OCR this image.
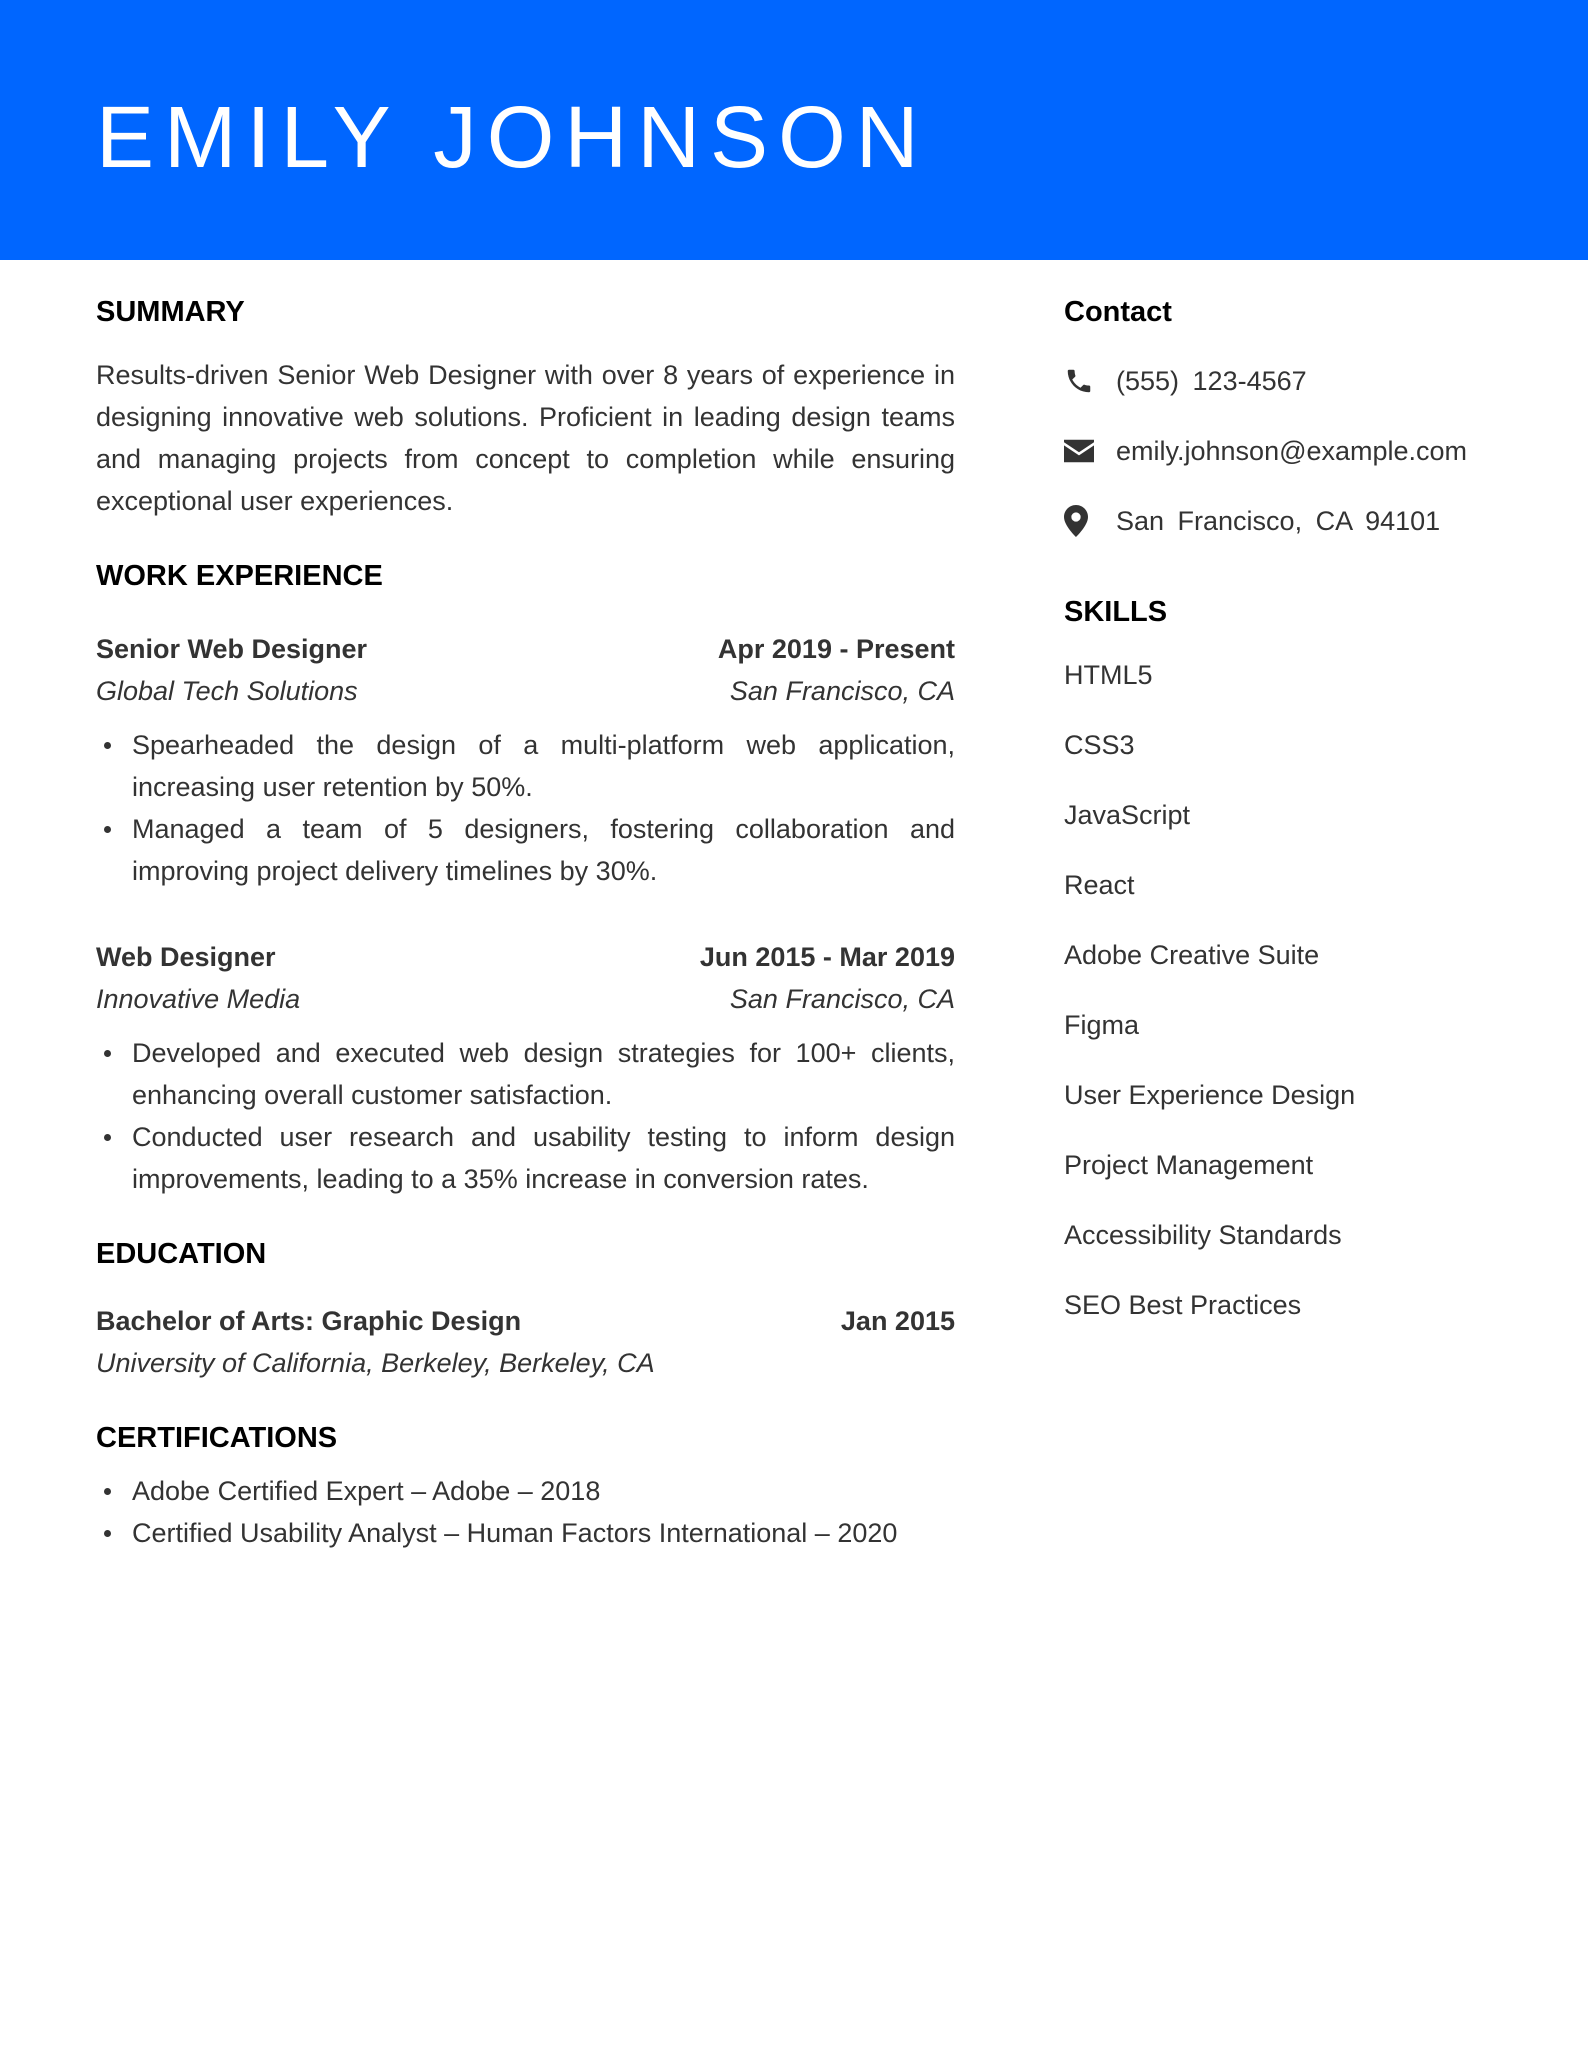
EMILY JOHNSON
SUMMARY

Results-driven Senior Web Designer with over 8 years of experience in designing innovative web solutions. Proficient in leading design teams and managing projects from concept to completion while ensuring exceptional user experiences.

WORK EXPERIENCE
Senior Web Designer	Apr 2019 - Present
Global Tech Solutions	San Francisco, CA
Spearheaded the design of a multi-platform web application, increasing user retention by 50%.
Managed a team of 5 designers, fostering collaboration and improving project delivery timelines by 30%.
Web Designer	Jun 2015 - Mar 2019
Innovative Media	San Francisco, CA
Developed and executed web design strategies for 100+ clients, enhancing overall customer satisfaction.
Conducted user research and usability testing to inform design improvements, leading to a 35% increase in conversion rates.
EDUCATION
Bachelor of Arts: Graphic Design	Jan 2015
University of California, Berkeley, Berkeley, CA
CERTIFICATIONS
Adobe Certified Expert – Adobe – 2018
Certified Usability Analyst – Human Factors International – 2020
Contact
(555) 123-4567
emily.johnson@example.com
San Francisco, CA 94101
SKILLS
HTML5
CSS3
JavaScript
React
Adobe Creative Suite
Figma
User Experience Design
Project Management
Accessibility Standards
SEO Best Practices
